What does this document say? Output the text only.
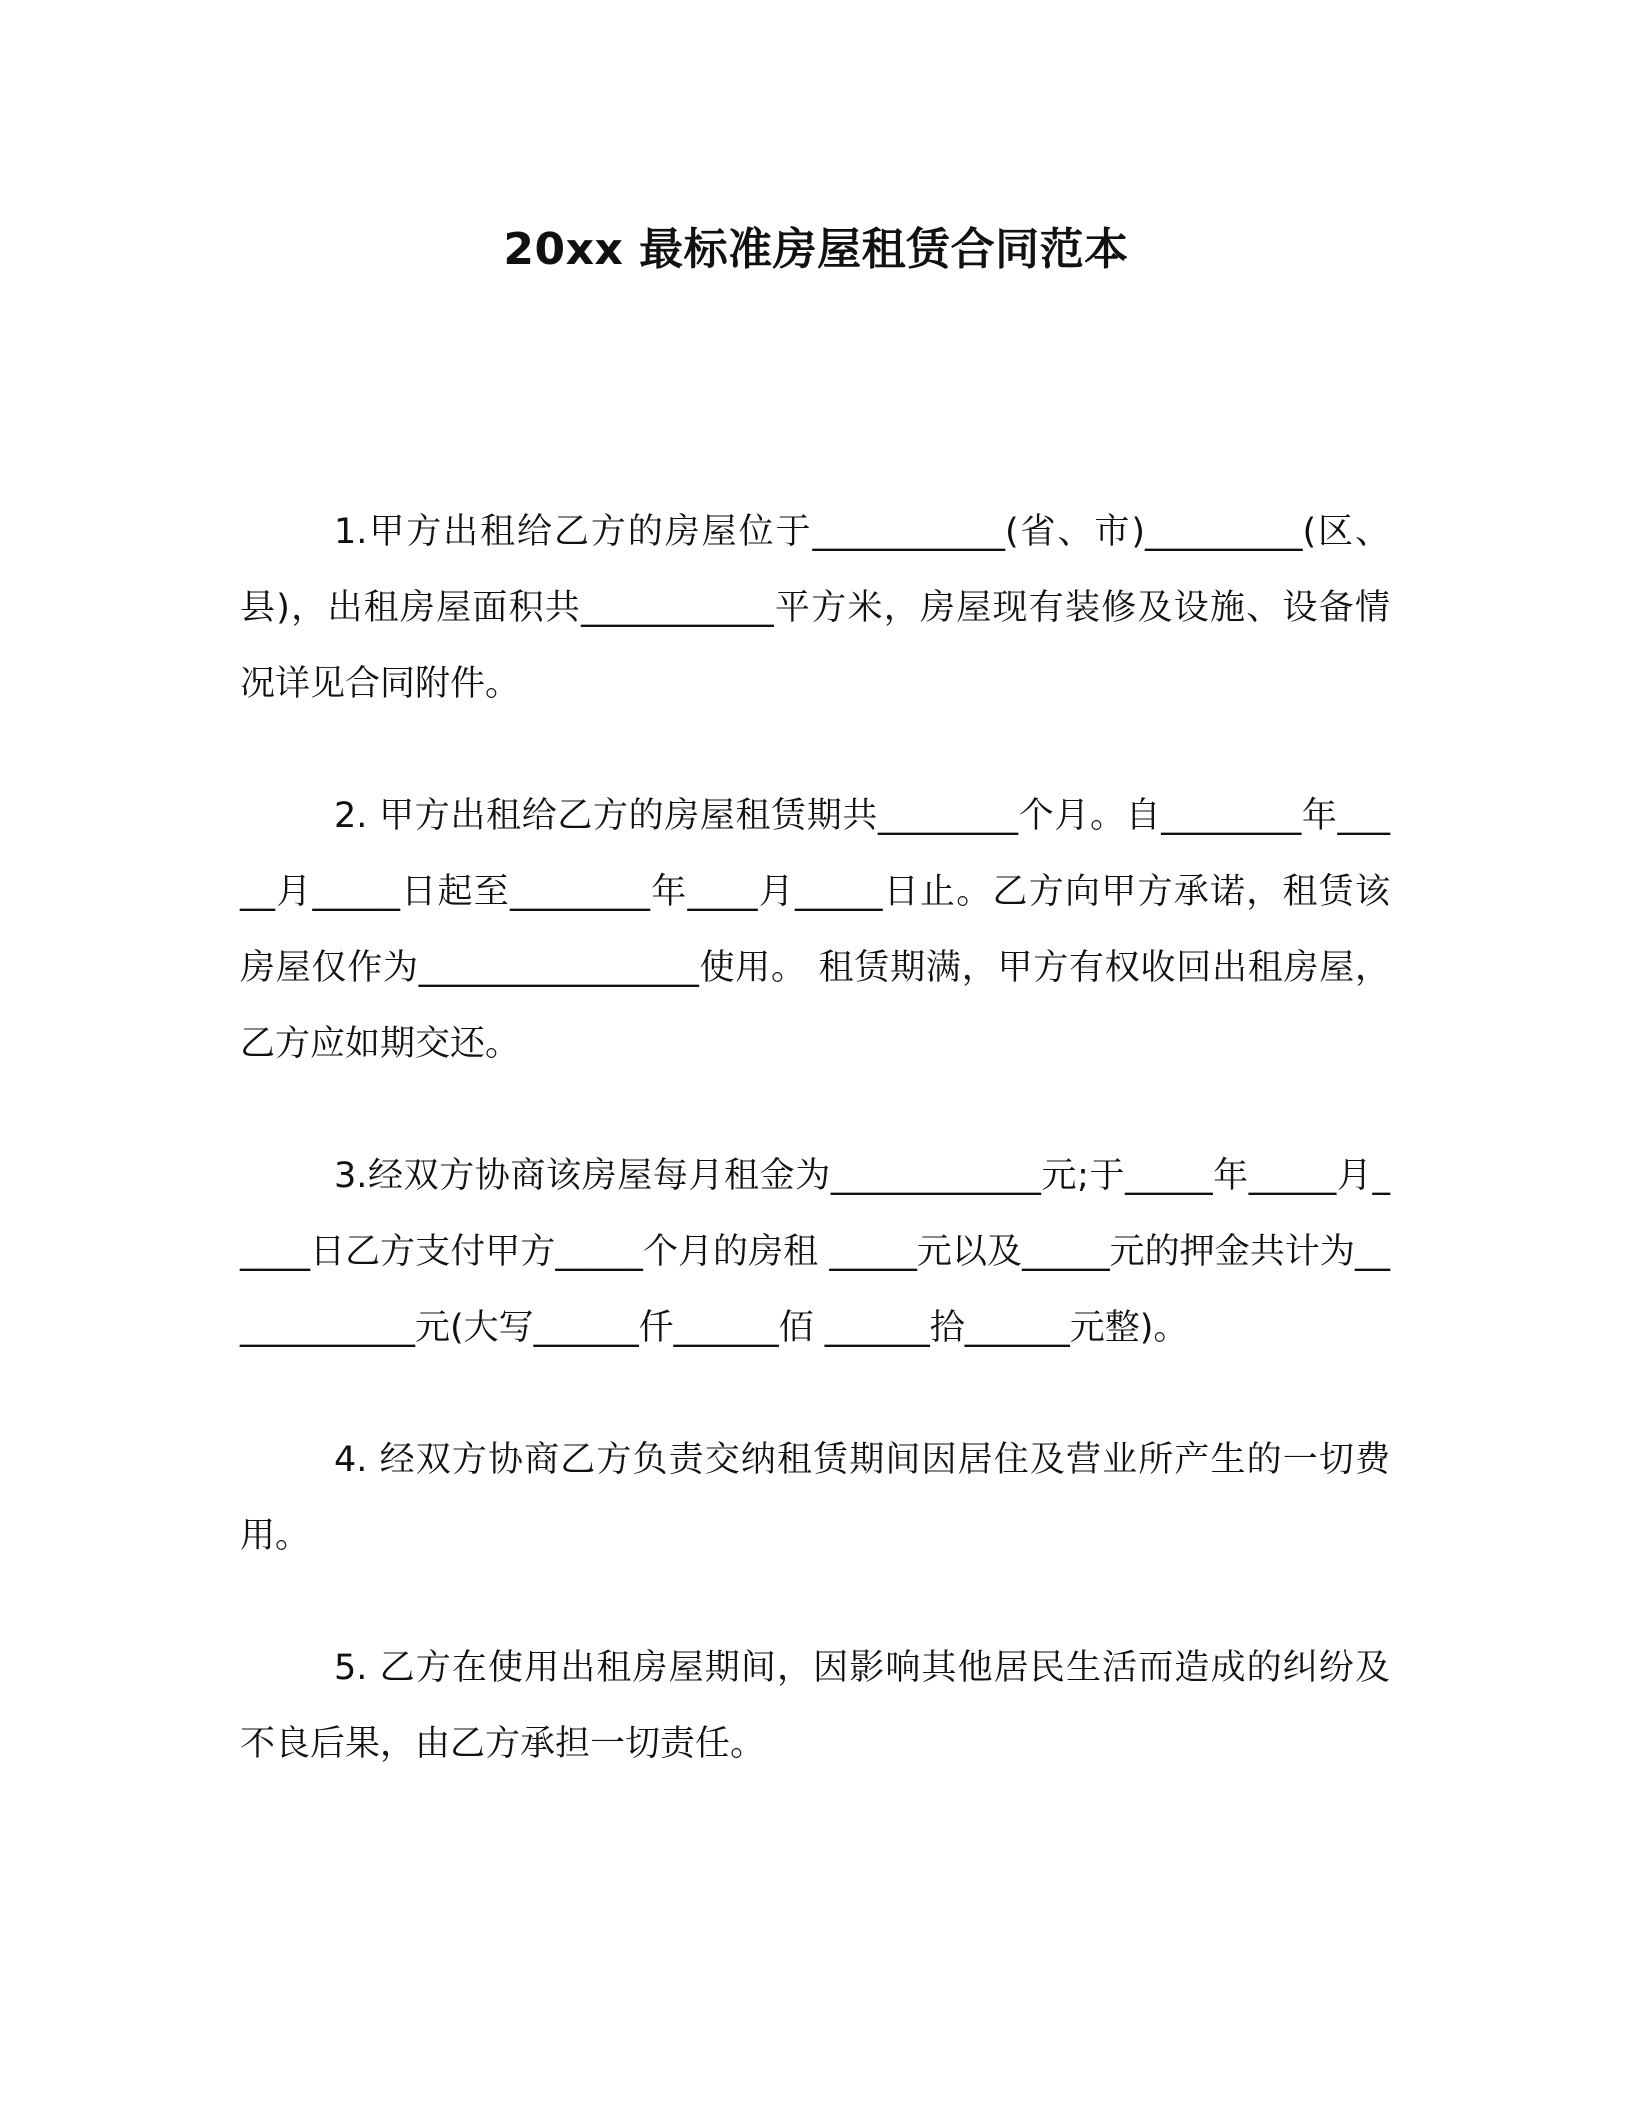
20xx 最标准房屋租赁合同范本

1.甲方出租给乙方的房屋位于___________(省、市)_________(区、县)，出租房屋面积共___________平方米，房屋现有装修及设施、设备情况详见合同附件。

2. 甲方出租给乙方的房屋租赁期共________个月。自________年_____月_____日起至________年____月_____日止。乙方向甲方承诺，租赁该房屋仅作为________________使用。 租赁期满，甲方有权收回出租房屋，乙方应如期交还。

3.经双方协商该房屋每月租金为____________元;于_____年_____月_____日乙方支付甲方_____个月的房租 _____元以及_____元的押金共计为____________元(大写______仟______佰 ______拾______元整)。

4. 经双方协商乙方负责交纳租赁期间因居住及营业所产生的一切费用。

5. 乙方在使用出租房屋期间，因影响其他居民生活而造成的纠纷及不良后果，由乙方承担一切责任。
